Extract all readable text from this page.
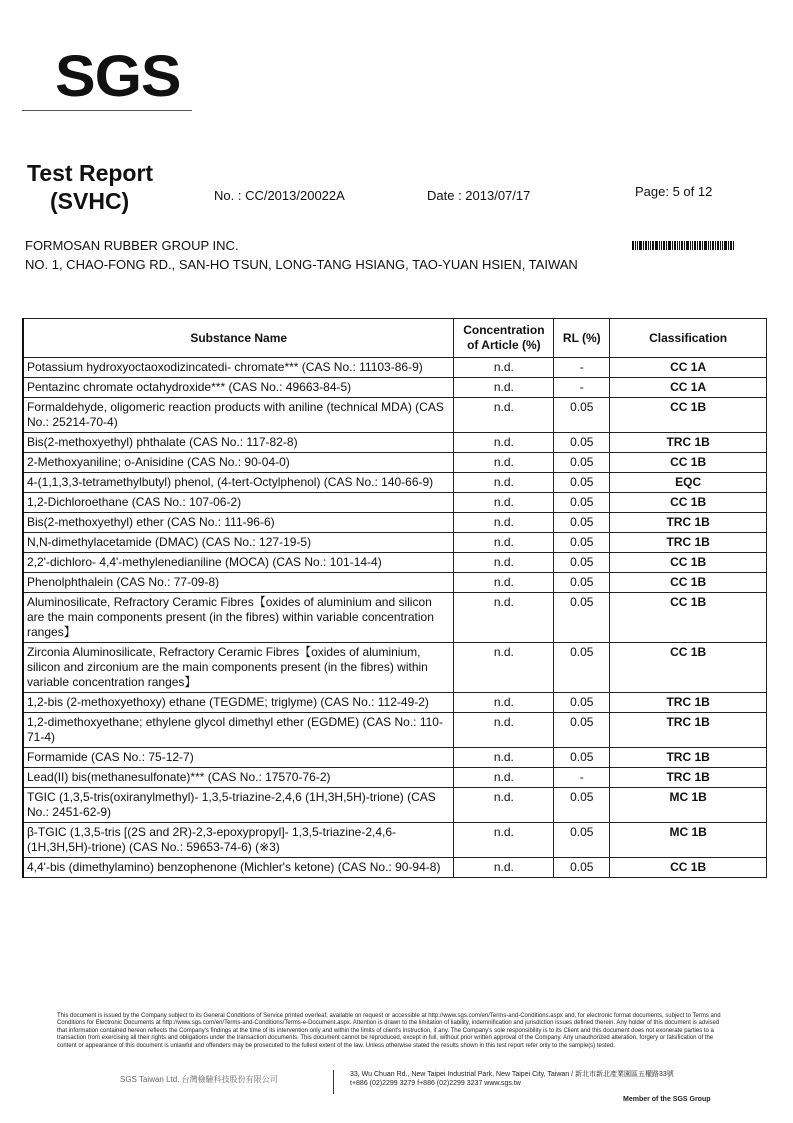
SGS
Test Report
(SVHC)	No. : CC/2013/20022A	Date : 2013/07/17	Page: 5 of 12
FORMOSAN RUBBER GROUP INC.
NO. 1, CHAO-FONG RD., SAN-HO TSUN, LONG-TANG HSIANG, TAO-YUAN HSIEN, TAIWAN
Substance Name	Concentration of Article (%)	RL (%)	Classification
Potassium hydroxyoctaoxodizincatedi- chromate*** (CAS No.: 11103-86-9)	n.d.	-	CC 1A
Pentazinc chromate octahydroxide*** (CAS No.: 49663-84-5)	n.d.	-	CC 1A
Formaldehyde, oligomeric reaction products with aniline (technical MDA) (CAS No.: 25214-70-4)	n.d.	0.05	CC 1B
Bis(2-methoxyethyl) phthalate (CAS No.: 117-82-8)	n.d.	0.05	TRC 1B
2-Methoxyaniline; o-Anisidine (CAS No.: 90-04-0)	n.d.	0.05	CC 1B
4-(1,1,3,3-tetramethylbutyl) phenol, (4-tert-Octylphenol) (CAS No.: 140-66-9)	n.d.	0.05	EQC
1,2-Dichloroethane (CAS No.: 107-06-2)	n.d.	0.05	CC 1B
Bis(2-methoxyethyl) ether (CAS No.: 111-96-6)	n.d.	0.05	TRC 1B
N,N-dimethylacetamide (DMAC) (CAS No.: 127-19-5)	n.d.	0.05	TRC 1B
2,2'-dichloro- 4,4'-methylenedianiline (MOCA) (CAS No.: 101-14-4)	n.d.	0.05	CC 1B
Phenolphthalein (CAS No.: 77-09-8)	n.d.	0.05	CC 1B
Aluminosilicate, Refractory Ceramic Fibres【oxides of aluminium and silicon are the main components present (in the fibres) within variable concentration ranges】	n.d.	0.05	CC 1B
Zirconia Aluminosilicate, Refractory Ceramic Fibres【oxides of aluminium, silicon and zirconium are the main components present (in the fibres) within variable concentration ranges】	n.d.	0.05	CC 1B
1,2-bis (2-methoxyethoxy) ethane (TEGDME; triglyme) (CAS No.: 112-49-2)	n.d.	0.05	TRC 1B
1,2-dimethoxyethane; ethylene glycol dimethyl ether (EGDME) (CAS No.: 110-71-4)	n.d.	0.05	TRC 1B
Formamide (CAS No.: 75-12-7)	n.d.	0.05	TRC 1B
Lead(II) bis(methanesulfonate)*** (CAS No.: 17570-76-2)	n.d.	-	TRC 1B
TGIC (1,3,5-tris(oxiranylmethyl)- 1,3,5-triazine-2,4,6 (1H,3H,5H)-trione) (CAS No.: 2451-62-9)	n.d.	0.05	MC 1B
β-TGIC (1,3,5-tris [(2S and 2R)-2,3-epoxypropyl]- 1,3,5-triazine-2,4,6-(1H,3H,5H)-trione) (CAS No.: 59653-74-6) (※3)	n.d.	0.05	MC 1B
4,4'-bis (dimethylamino) benzophenone (Michler's ketone) (CAS No.: 90-94-8)	n.d.	0.05	CC 1B
This document is issued by the Company subject to its General Conditions of Service printed overleaf, available on request or accessible at http://www.sgs.com/en/Terms-and-Conditions.aspx and, for electronic format documents, subject to Terms and Conditions for Electronic Documents at http://www.sgs.com/en/Terms-and-Conditions/Terms-e-Document.aspx. Attention is drawn to the limitation of liability, indemnification and jurisdiction issues defined therein. Any holder of this document is advised that information contained hereon reflects the Company's findings at the time of its intervention only and within the limits of client's instruction, if any. The Company's sole responsibility is to its Client and this document does not exonerate parties to a transaction from exercising all their rights and obligations under the transaction documents. This document cannot be reproduced, except in full, without prior written approval of the Company. Any unauthorized alteration, forgery or falsification of the content or appearance of this document is unlawful and offenders may be prosecuted to the fullest extent of the law. Unless otherwise stated the results shown in this test report refer only to the sample(s) tested.
SGS Taiwan Ltd. 台灣檢驗科技股份有限公司
33, Wu Chuan Rd., New Taipei Industrial Park, New Taipei City, Taiwan / 新北市新北產業園區五權路33號
t+886 (02)2299 3279 f+886 (02)2299 3237 www.sgs.tw
Member of the SGS Group
